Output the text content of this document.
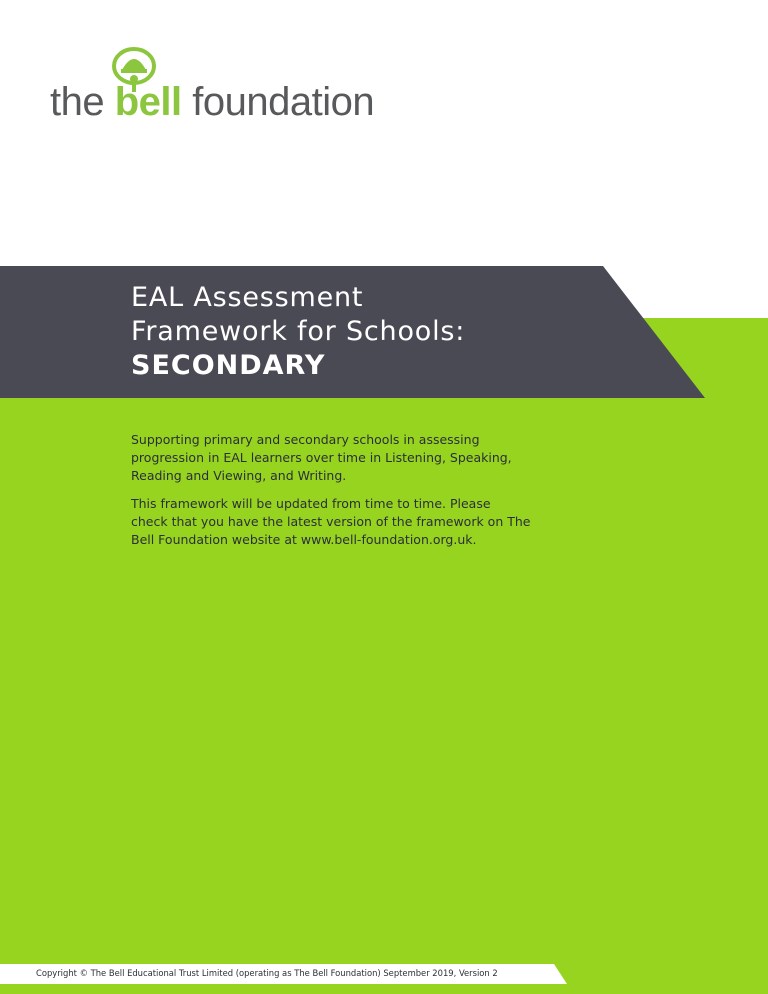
the bell foundation
EAL Assessment
Framework for Schools:
SECONDARY

Supporting primary and secondary schools in assessing progression in EAL learners over time in Listening, Speaking, Reading and Viewing, and Writing.

This framework will be updated from time to time. Please check that you have the latest version of the framework on The Bell Foundation website at www.bell-foundation.org.uk.

Copyright © The Bell Educational Trust Limited (operating as The Bell Foundation) September 2019, Version 2
